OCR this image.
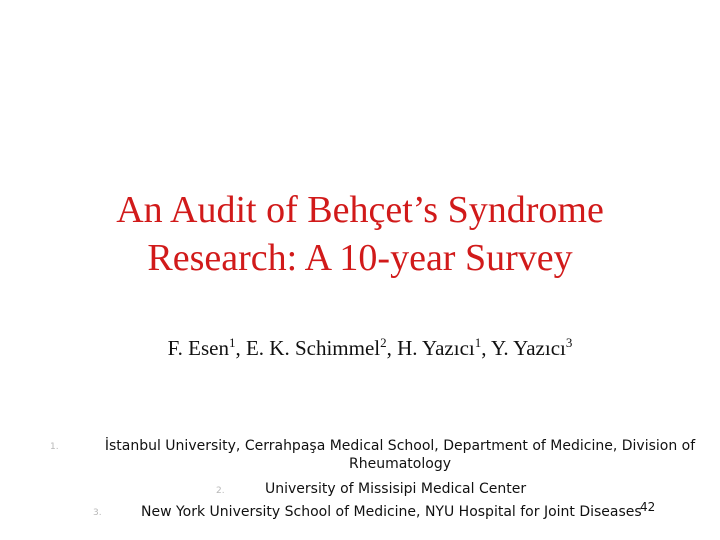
An Audit of Behçet’s Syndrome
Research: A 10-year Survey
F. Esen$^1$, E. K. Schimmel$^2$, H. Yazıcı$^1$, Y. Yazıcı$^3$
1.	İstanbul University, Cerrahpaşa Medical School, Department of Medicine, Division of
Rheumatology
2.	University of Missisipi Medical Center
3.	New York University School of Medicine, NYU Hospital for Joint Diseases
42
